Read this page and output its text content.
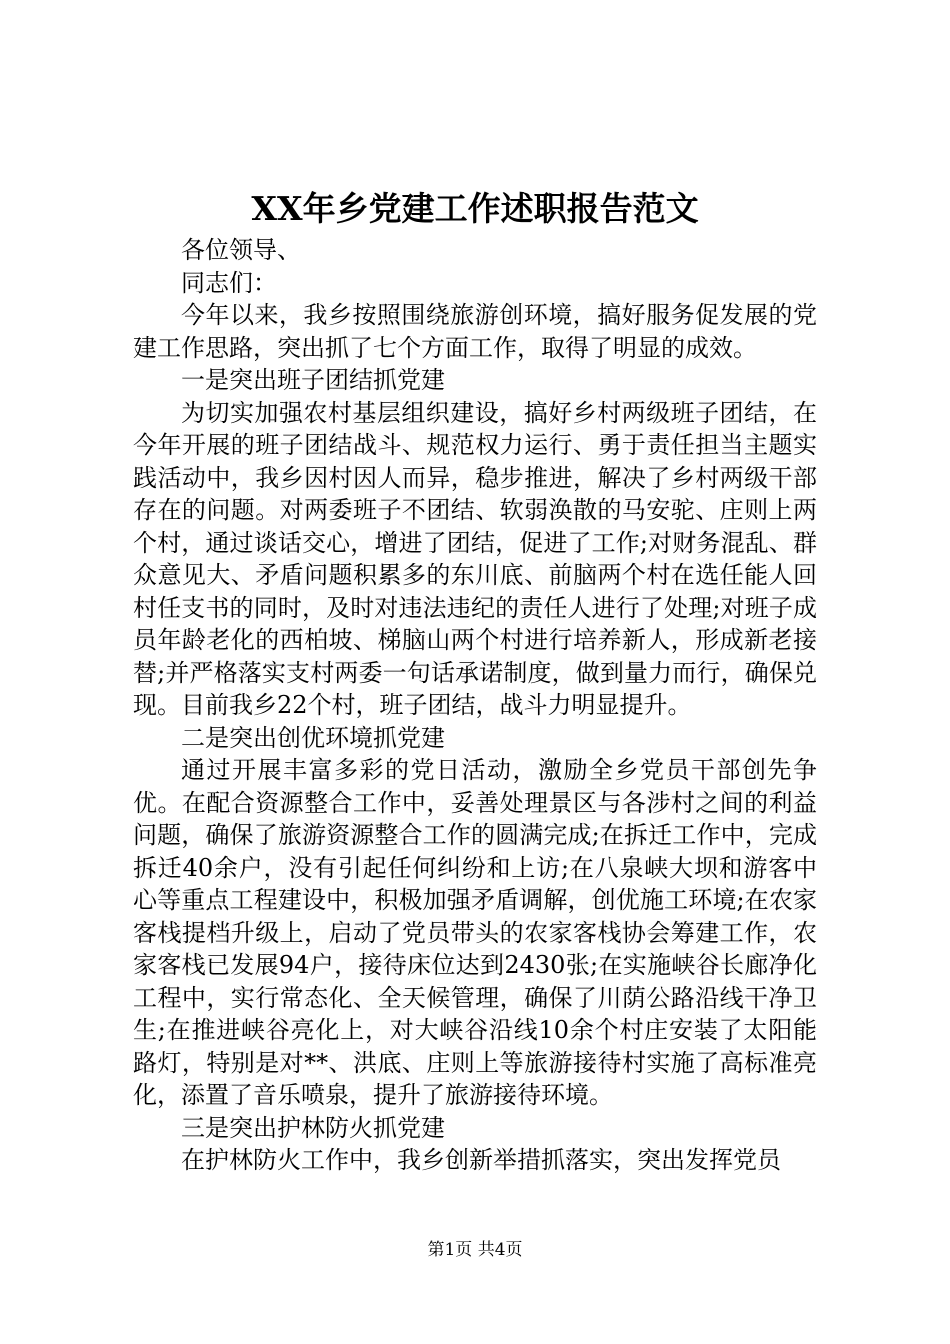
XX年乡党建工作述职报告范文

各位领导、

同志们：

今年以来，我乡按照围绕旅游创环境，搞好服务促发展的党建工作思路，突出抓了七个方面工作，取得了明显的成效。

一是突出班子团结抓党建

为切实加强农村基层组织建设，搞好乡村两级班子团结，在今年开展的班子团结战斗、规范权力运行、勇于责任担当主题实践活动中，我乡因村因人而异，稳步推进，解决了乡村两级干部存在的问题。对两委班子不团结、软弱涣散的马安驼、庄则上两个村，通过谈话交心，增进了团结，促进了工作;对财务混乱、群众意见大、矛盾问题积累多的东川底、前脑两个村在选任能人回村任支书的同时，及时对违法违纪的责任人进行了处理;对班子成员年龄老化的西柏坡、梯脑山两个村进行培养新人，形成新老接替;并严格落实支村两委一句话承诺制度，做到量力而行，确保兑现。目前我乡22个村，班子团结，战斗力明显提升。

二是突出创优环境抓党建

通过开展丰富多彩的党日活动，激励全乡党员干部创先争优。在配合资源整合工作中，妥善处理景区与各涉村之间的利益问题，确保了旅游资源整合工作的圆满完成;在拆迁工作中，完成拆迁40余户，没有引起任何纠纷和上访;在八泉峡大坝和游客中心等重点工程建设中，积极加强矛盾调解，创优施工环境;在农家客栈提档升级上，启动了党员带头的农家客栈协会筹建工作，农家客栈已发展94户，接待床位达到2430张;在实施峡谷长廊净化工程中，实行常态化、全天候管理，确保了川荫公路沿线干净卫生;在推进峡谷亮化上，对大峡谷沿线10余个村庄安装了太阳能路灯，特别是对**、洪底、庄则上等旅游接待村实施了高标准亮化，添置了音乐喷泉，提升了旅游接待环境。

三是突出护林防火抓党建

在护林防火工作中，我乡创新举措抓落实，突出发挥党员

第1页 共4页
